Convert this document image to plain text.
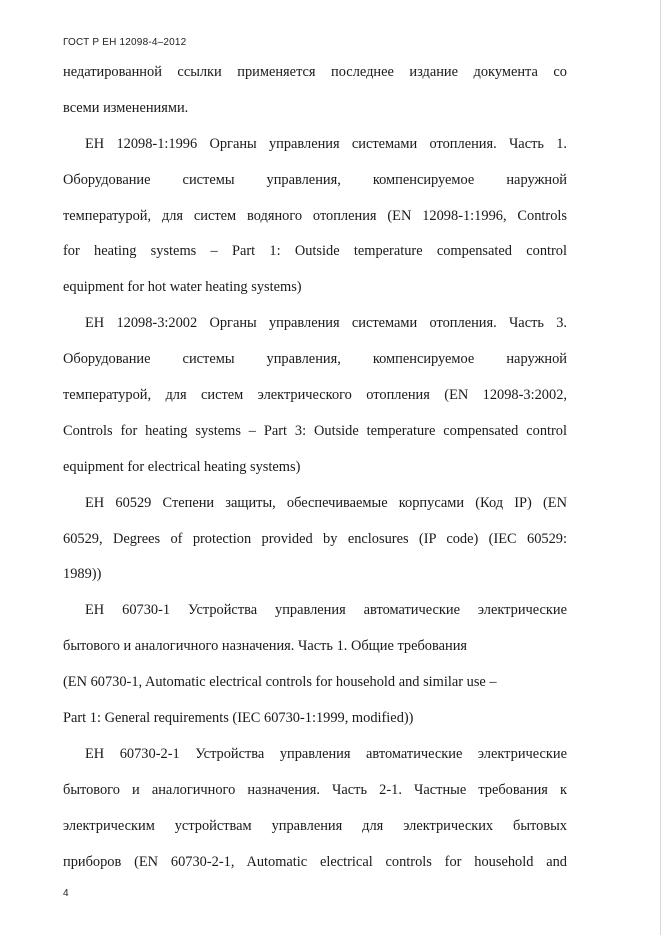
ГОСТ Р ЕН 12098-4–2012
недатированной ссылки применяется последнее издание документа со
всеми изменениями.
ЕН 12098-1:1996 Органы управления системами отопления. Часть 1.
Оборудование системы управления, компенсируемое наружной
температурой, для систем водяного отопления (EN 12098-1:1996, Controls
for heating systems – Part 1: Outside temperature compensated control
equipment for hot water heating systems)
ЕН 12098-3:2002 Органы управления системами отопления. Часть 3.
Оборудование системы управления, компенсируемое наружной
температурой, для систем электрического отопления (EN 12098-3:2002,
Controls for heating systems – Part 3: Outside temperature compensated control
equipment for electrical heating systems)
ЕН 60529 Степени защиты, обеспечиваемые корпусами (Код IP) (EN
60529, Degrees of protection provided by enclosures (IP code) (IEC 60529:
1989))
ЕН 60730-1 Устройства управления автоматические электрические
бытового и аналогичного назначения. Часть 1. Общие требования
(EN 60730-1, Automatic electrical controls for household and similar use –
Part 1: General requirements (IEC 60730-1:1999, modified))
ЕН 60730-2-1 Устройства управления автоматические электрические
бытового и аналогичного назначения. Часть 2-1. Частные требования к
электрическим устройствам управления для электрических бытовых
приборов (EN 60730-2-1, Automatic electrical controls for household and
4
